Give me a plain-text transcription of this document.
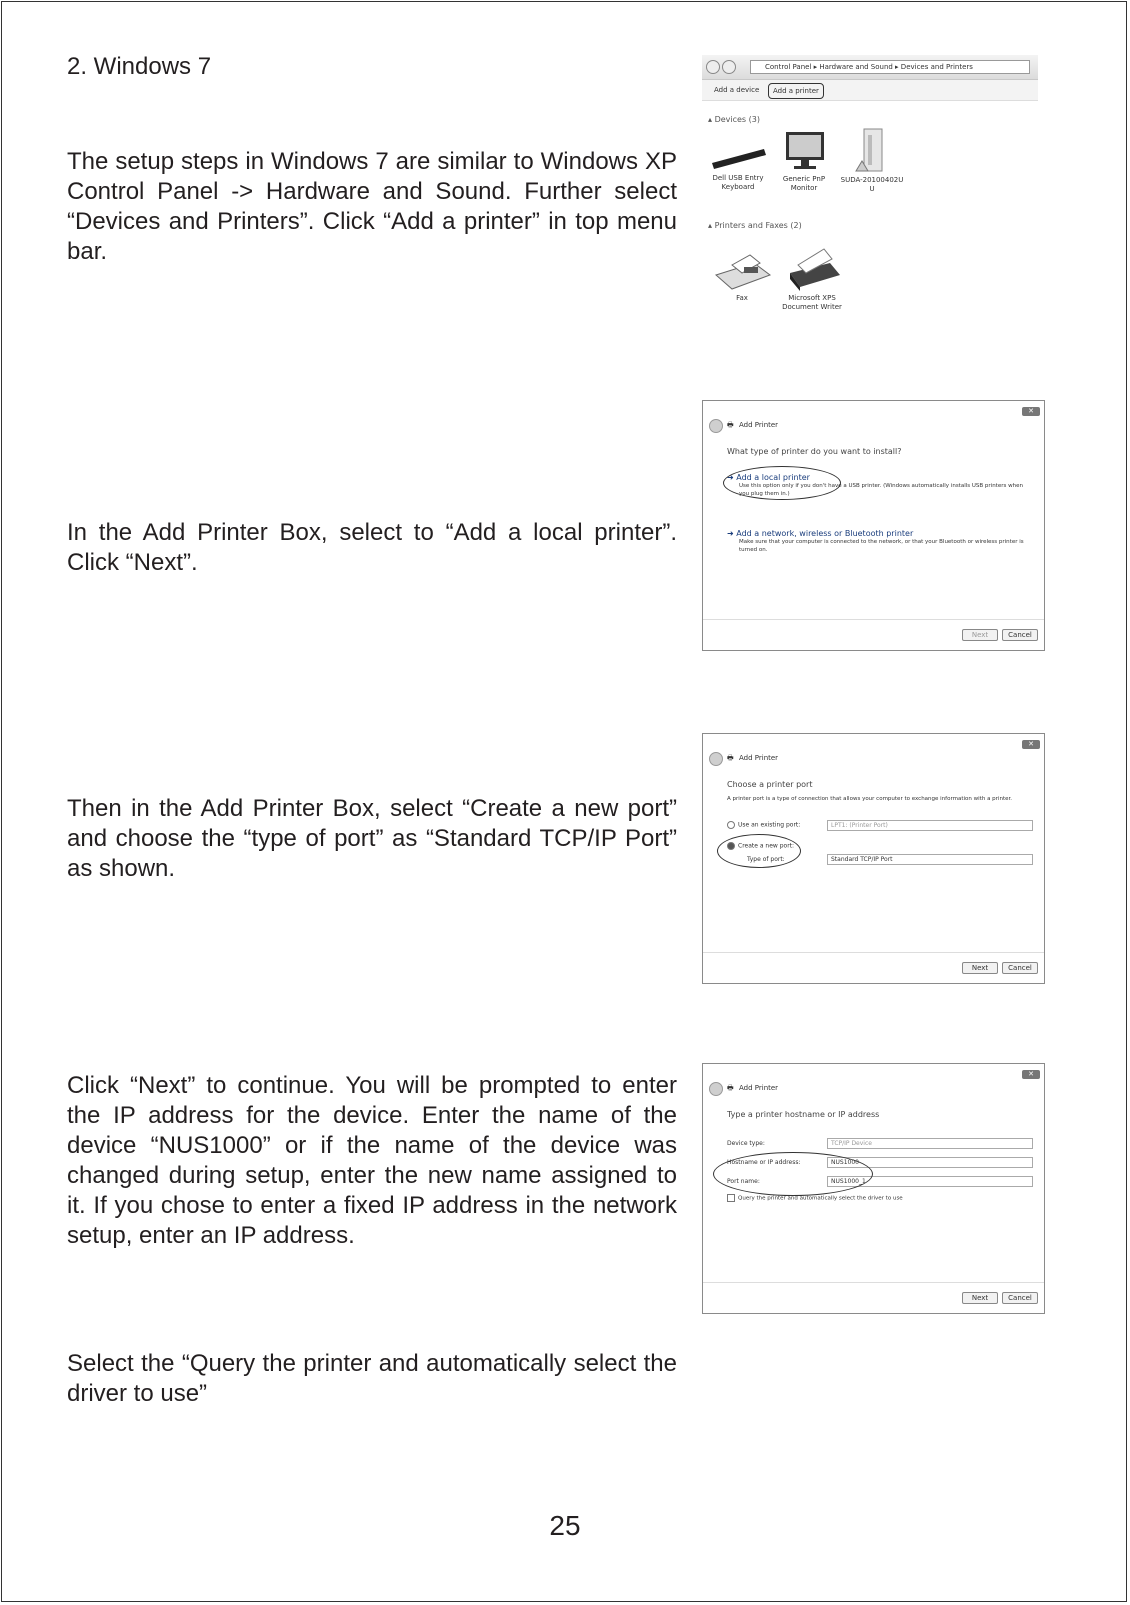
2. Windows 7
The setup steps in Windows 7 are similar to Windows XP Control Panel -> Hardware and Sound. Further select “Devices and Printers”. Click “Add a printer” in top menu bar.
In the Add Printer Box, select to “Add a local printer”. Click “Next”.
Then in the Add Printer Box, select “Create a new port” and choose the “type of port” as “Standard TCP/IP Port” as shown.
Click “Next” to continue. You will be prompted to enter the IP address for the device. Enter the name of the device “NUS1000” or if the name of the device was changed during setup, enter the new name assigned to it. If you chose to enter a fixed IP address in the network setup, enter an IP address.
Select the “Query the printer and automatically select the driver to use”
25
Control Panel ▸ Hardware and Sound ▸ Devices and Printers
Add a device	Add a printer
▴ Devices (3)
Dell USB Entry Keyboard
Generic PnP Monitor
SUDA-20100402U U
▴ Printers and Faxes (2)
Fax	Microsoft XPS Document Writer
✕
🖶 Add Printer
What type of printer do you want to install?
➜ Add a local printer
Use this option only if you don't have a USB printer. (Windows automatically installs USB printers when you plug them in.)
➜ Add a network, wireless or Bluetooth printer
Make sure that your computer is connected to the network, or that your Bluetooth or wireless printer is turned on.
Next	Cancel
✕
🖶 Add Printer
Choose a printer port
A printer port is a type of connection that allows your computer to exchange information with a printer.
Use an existing port:	LPT1: (Printer Port)
Create a new port:
Type of port:	Standard TCP/IP Port
Next	Cancel
✕
🖶 Add Printer
Type a printer hostname or IP address
Device type:	TCP/IP Device
Hostname or IP address:	NUS1000
Port name:	NUS1000_1
Query the printer and automatically select the driver to use
Next	Cancel
